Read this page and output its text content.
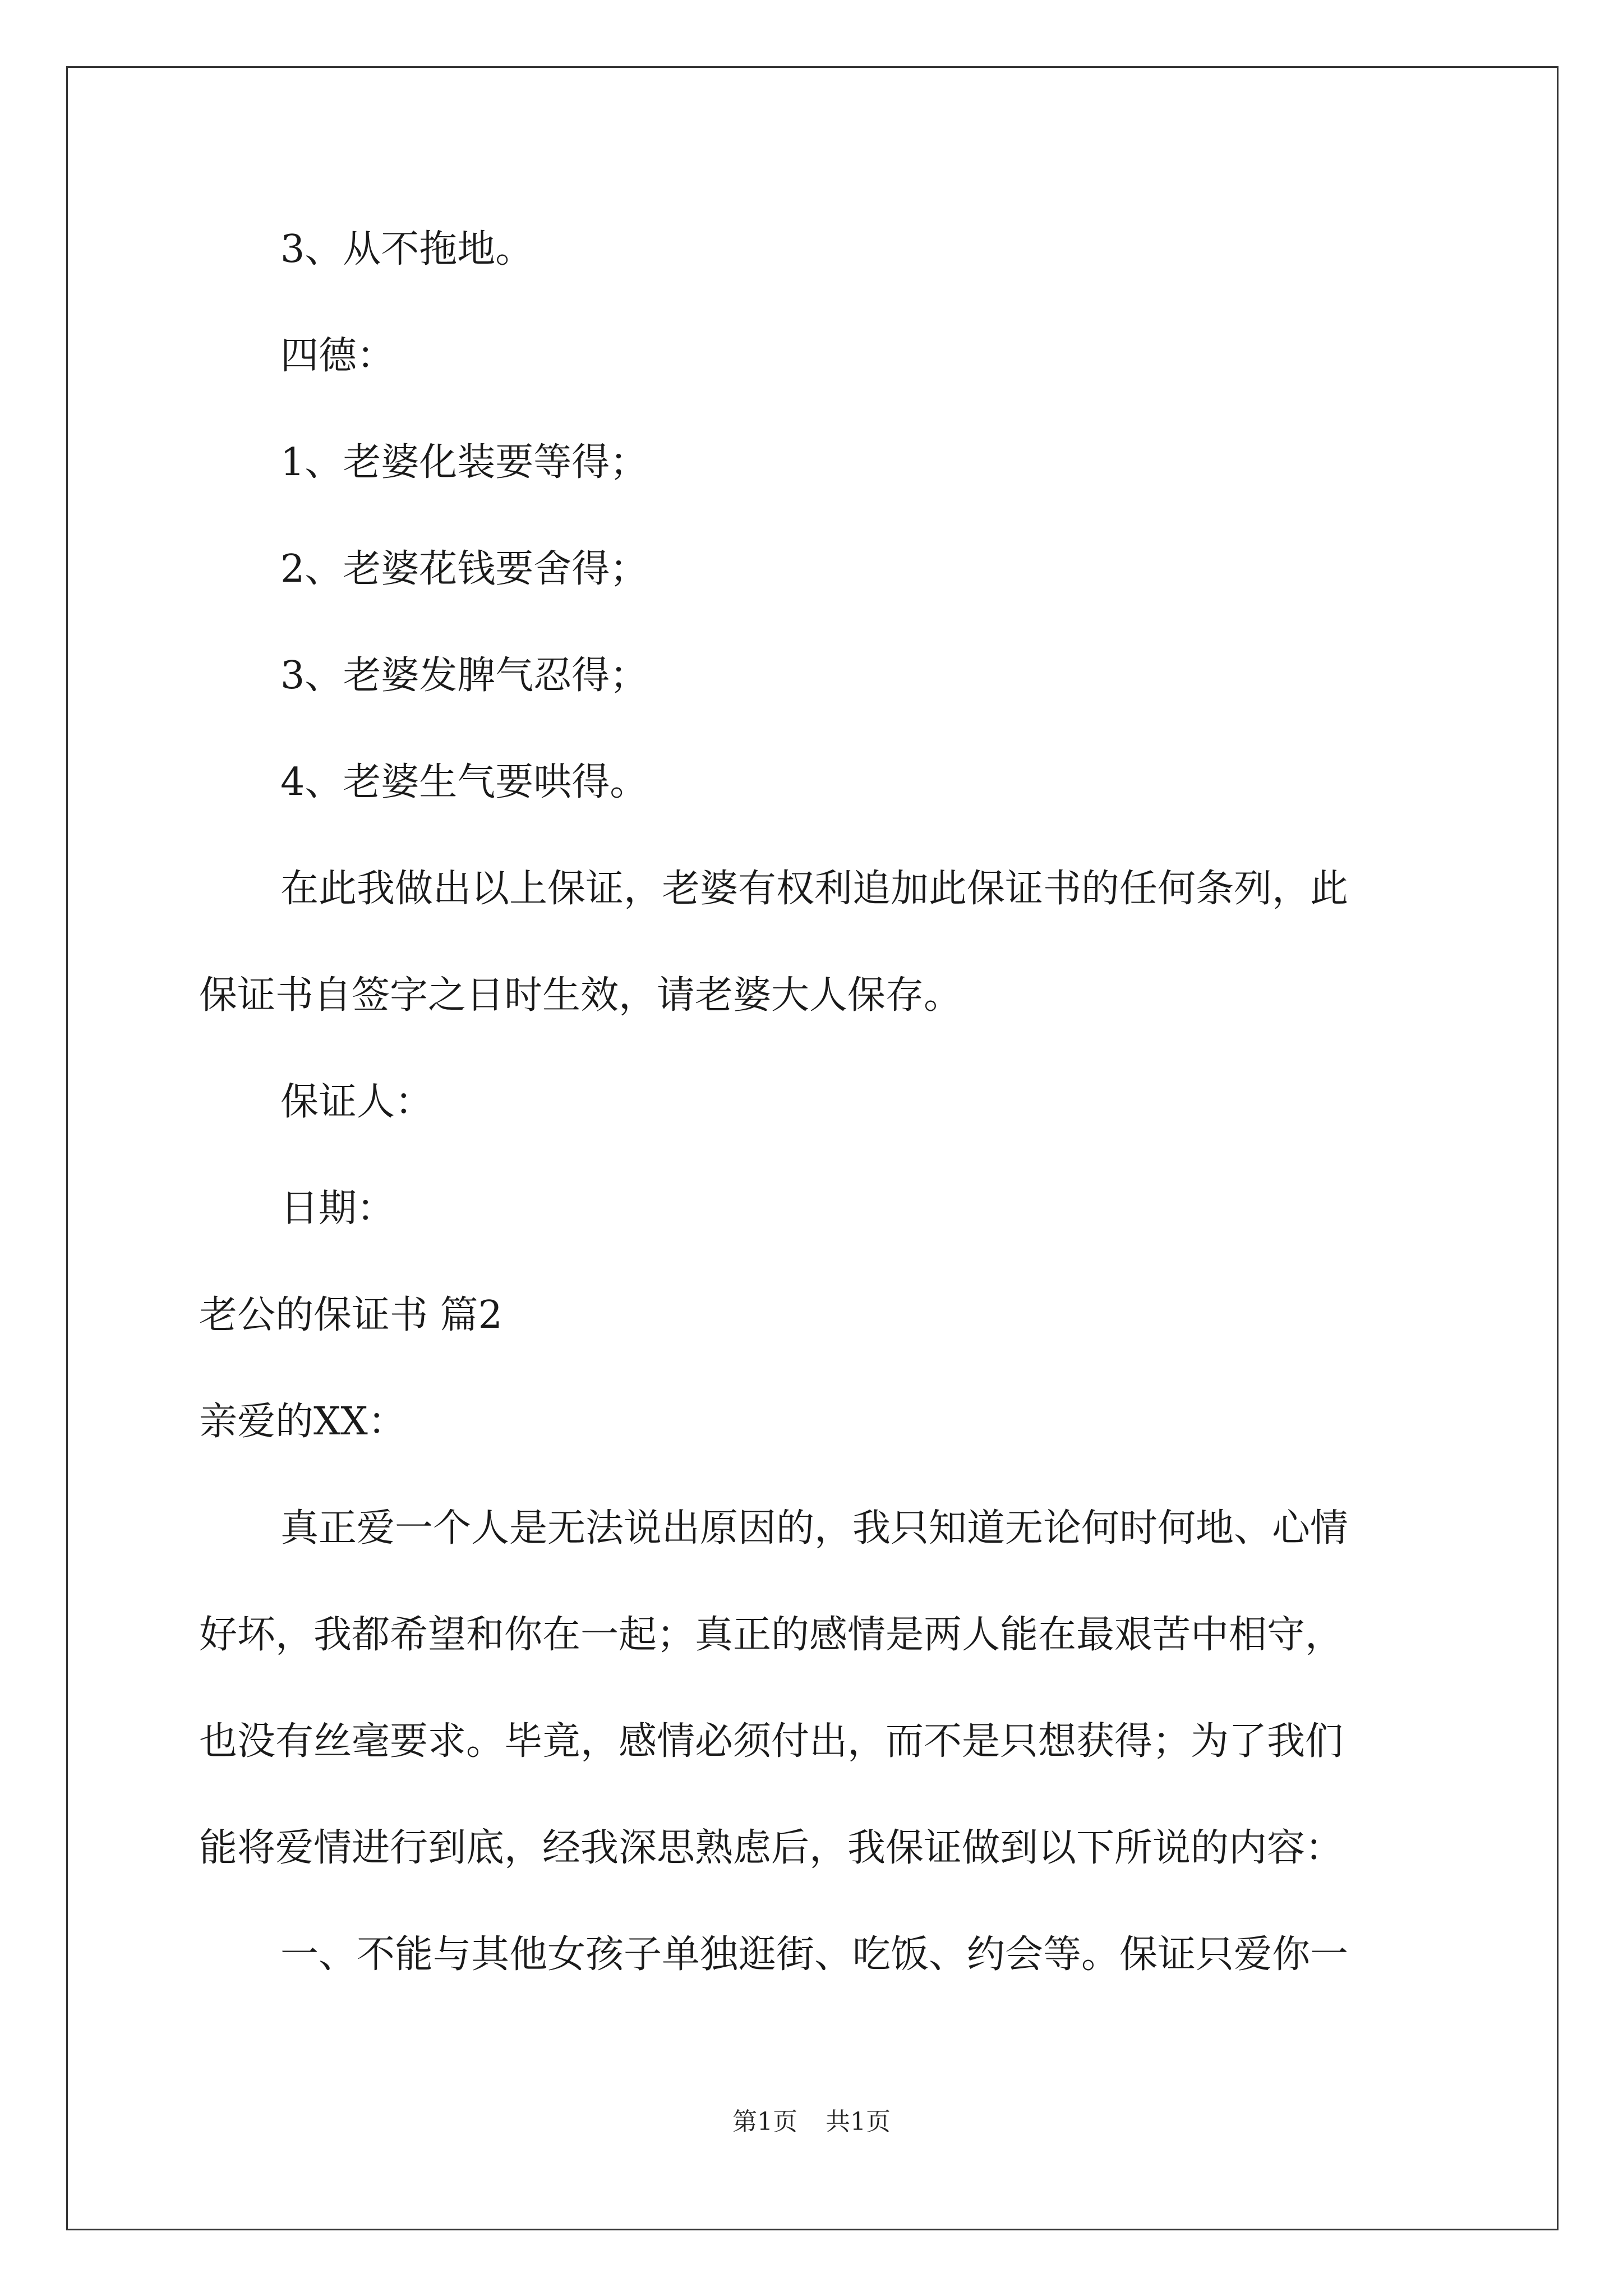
3、从不拖地。
四德：
1、老婆化装要等得；
2、老婆花钱要舍得；
3、老婆发脾气忍得；
4、老婆生气要哄得。
在此我做出以上保证，老婆有权利追加此保证书的任何条列，此
保证书自签字之日时生效，请老婆大人保存。
保证人：
日期：
老公的保证书 篇2
亲爱的XX：
真正爱一个人是无法说出原因的，我只知道无论何时何地、心情
好坏，我都希望和你在一起；真正的感情是两人能在最艰苦中相守，
也没有丝毫要求。毕竟，感情必须付出，而不是只想获得；为了我们
能将爱情进行到底，经我深思熟虑后，我保证做到以下所说的内容：
一、不能与其他女孩子单独逛街、吃饭、约会等。保证只爱你一
第1页 共1页
